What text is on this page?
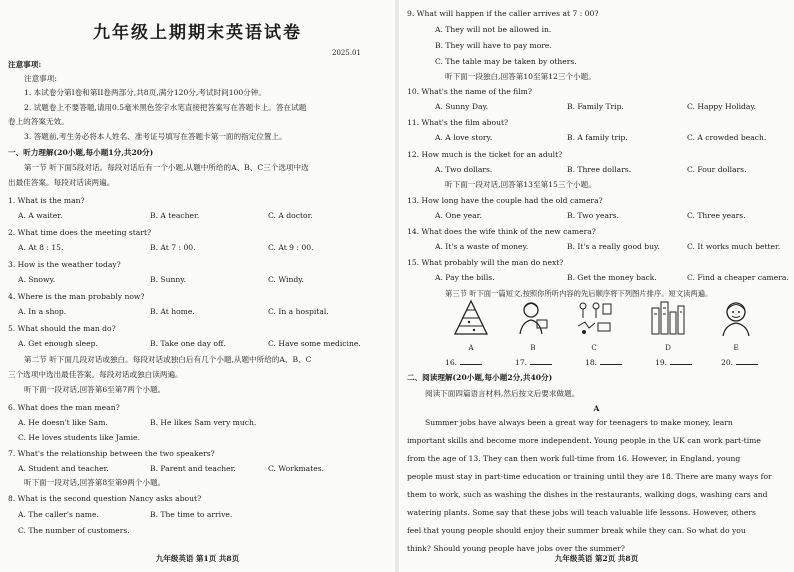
九年级上期期末英语试卷
2025.01
注意事项:
注意事项:
1. 本试卷分第I卷和第II卷两部分,共8页,满分120分,考试时间100分钟。
2. 试题卷上不要答题,请用0.5毫米黑色签字水笔直接把答案写在答题卡上。答在试题
卷上的答案无效。
3. 答题前,考生务必将本人姓名、准考证号填写在答题卡第一面的指定位置上。
一、听力理解(20小题,每小题1分,共20分)
第一节 听下面5段对话。每段对话后有一个小题,从题中所给的A、B、C三个选项中选
出最佳答案。每段对话读两遍。
1. What is the man?
A. A waiter.	B. A teacher.	C. A doctor.
2. What time does the meeting start?
A. At 8 : 15.	B. At 7 : 00.	C. At 9 : 00.
3. How is the weather today?
A. Snowy.	B. Sunny.	C. Windy.
4. Where is the man probably now?
A. In a shop.	B. At home.	C. In a hospital.
5. What should the man do?
A. Get enough sleep.	B. Take one day off.	C. Have some medicine.
第二节 听下面几段对话或独白。每段对话或独白后有几个小题,从题中所给的A、B、C
三个选项中选出最佳答案。每段对话或独白读两遍。
听下面一段对话,回答第6至第7两个小题。
6. What does the man mean?
A. He doesn't like Sam.	B. He likes Sam very much.
C. He loves students like Jamie.
7. What's the relationship between the two speakers?
A. Student and teacher.	B. Parent and teacher.	C. Workmates.
听下面一段对话,回答第8至第9两个小题。
8. What is the second question Nancy asks about?
A. The caller's name.	B. The time to arrive.
C. The number of customers.
九年级英语 第1页 共8页
9. What will happen if the caller arrives at 7 : 00?
A. They will not be allowed in.
B. They will have to pay more.
C. The table may be taken by others.
听下面一段独白,回答第10至第12三个小题。
10. What's the name of the film?
A. Sunny Day.	B. Family Trip.	C. Happy Holiday.
11. What's the film about?
A. A love story.	B. A family trip.	C. A crowded beach.
12. How much is the ticket for an adult?
A. Two dollars.	B. Three dollars.	C. Four dollars.
听下面一段对话,回答第13至第15三个小题。
13. How long have the couple had the old camera?
A. One year.	B. Two years.	C. Three years.
14. What does the wife think of the new camera?
A. It's a waste of money.	B. It's a really good buy.	C. It works much better.
15. What probably will the man do next?
A. Pay the bills.	B. Get the money back.	C. Find a cheaper camera.
第三节 听下面一篇短文,按照你所听内容的先后顺序将下列图片排序。短文读两遍。
A	B	C	D	E
16.	17.	18.	19.	20.
二、阅读理解(20小题,每小题2分,共40分)
阅读下面四篇语言材料,然后按文后要求做题。
A
Summer jobs have always been a great way for teenagers to make money, learn
important skills and become more independent. Young people in the UK can work part-time
from the age of 13. They can then work full-time from 16. However, in England, young
people must stay in part-time education or training until they are 18. There are many ways for
them to work, such as washing the dishes in the restaurants, walking dogs, washing cars and
watering plants. Some say that these jobs will teach valuable life lessons. However, others
feel that young people should enjoy their summer break while they can. So what do you
think? Should young people have jobs over the summer?
九年级英语 第2页 共8页
